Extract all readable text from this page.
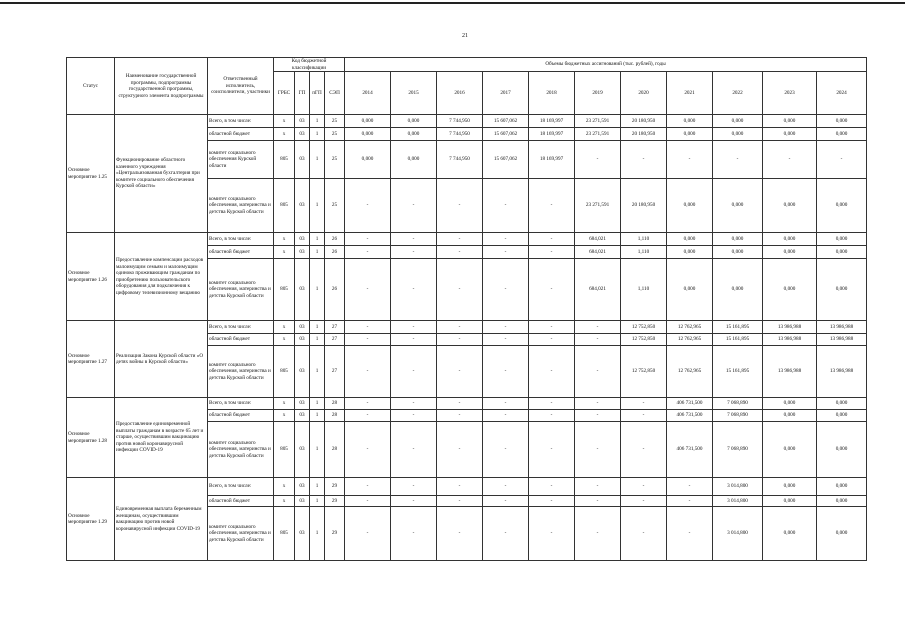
21
Статус	Наименование государственной программы, подпрограммы государственной программы, структурного элемента подпрограммы	Ответственный исполнитель, соисполнители, участники	Код бюджетной классификации				Объемы бюджетных ассигнований (тыс. рублей), годы										
			ГРБС	ГП	пГП	СЭП	2014	2015	2016	2017	2018	2019	2020	2021	2022	2023	2024
Основное мероприятие 1.25	Функционирование областного казенного учреждения «Центральизованная бухгалтерия при комитете социального обеспечения Курской области»	Всего, в том числе:	x	03	1	25	0,000	0,000	7 744,950	15 607,062	18 169,997	23 271,591	20 180,950	0,000	0,000	0,000	0,000
		областной бюджет	x	03	1	25	0,000	0,000	7 744,950	15 607,062	18 169,997	23 271,591	20 180,950	0,000	0,000	0,000	0,000
		комитет социального обеспечения Курской области	805	03	1	25	0,000	0,000	7 744,950	15 607,062	18 169,997	-	-	-	-	-	-
		комитет социального обеспечения, материнства и детства Курской области	805	03	1	25	-	-	-	-	-	23 271,591	20 180,950	0,000	0,000	0,000	0,000
Основное мероприятие 1.26	Предоставление компенсации расходов малоимущим семьям и малоимущим одиноко проживающим гражданам по приобретению пользовательского оборудования для подключения к цифровому телевизионному вещанию	Всего, в том числе:	x	03	1	26	-	-	-	-	-	684,021	1,110	0,000	0,000	0,000	0,000
		областной бюджет	x	03	1	26	-	-	-	-	-	684,021	1,110	0,000	0,000	0,000	0,000
		комитет социального обеспечения, материнства и детства Курской области	805	03	1	26	-	-	-	-	-	684,021	1,110	0,000	0,000	0,000	0,000
Основное мероприятие 1.27	Реализация Закона Курской области «О детях войны в Курской области»	Всего, в том числе:	x	03	1	27	-	-	-	-	-	-	12 752,850	12 762,965	15 161,895	13 986,988	13 986,988
		областной бюджет	x	03	1	27	-	-	-	-	-	-	12 752,850	12 762,965	15 161,895	13 986,988	13 986,988
		комитет социального обеспечения, материнства и детства Курской области	805	03	1	27	-	-	-	-	-	-	12 752,850	12 762,965	15 161,895	13 986,988	13 986,988
Основное мероприятие 1.28	Предоставление единовременной выплаты гражданам в возрасте 65 лет и старше, осуществившим вакцинацию против новой коронавирусной инфекции COVID-19	Всего, в том числе:	x	03	1	28	-	-	-	-	-	-	-	406 731,500	7 068,890	0,000	0,000
		областной бюджет	x	03	1	28	-	-	-	-	-	-	-	406 731,500	7 068,890	0,000	0,000
		комитет социального обеспечения, материнства и детства Курской области	805	03	1	28	-	-	-	-	-	-	-	406 731,500	7 068,890	0,000	0,000
Основное мероприятие 1.29	Единовременная выплата беременным женщинам, осуществившим вакцинацию против новой коронавирусной инфекции COVID-19	Всего, в том числе:	x	03	1	29	-	-	-	-	-	-	-	-	3 014,800	0,000	0,000
		областной бюджет	x	03	1	29	-	-	-	-	-	-	-	-	3 014,800	0,000	0,000
		комитет социального обеспечения, материнства и детства Курской области	805	03	1	29	-	-	-	-	-	-	-	-	3 014,800	0,000	0,000
